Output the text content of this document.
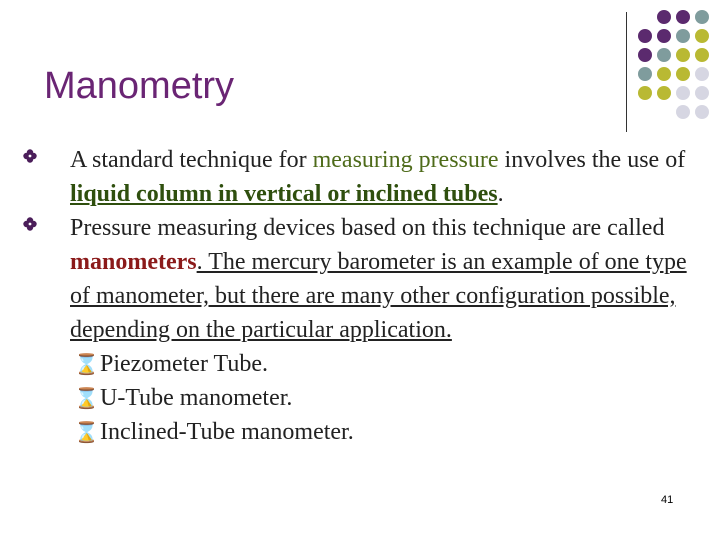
Manometry

A standard technique for measuring pressure involves the use of liquid column in vertical or inclined tubes.

Pressure measuring devices based on this technique are called manometers. The mercury barometer is an example of one type of manometer, but there are many other configuration possible, depending on the particular application.

⌛ Piezometer Tube.

⌛ U-Tube manometer.

⌛ Inclined-Tube manometer.

41
